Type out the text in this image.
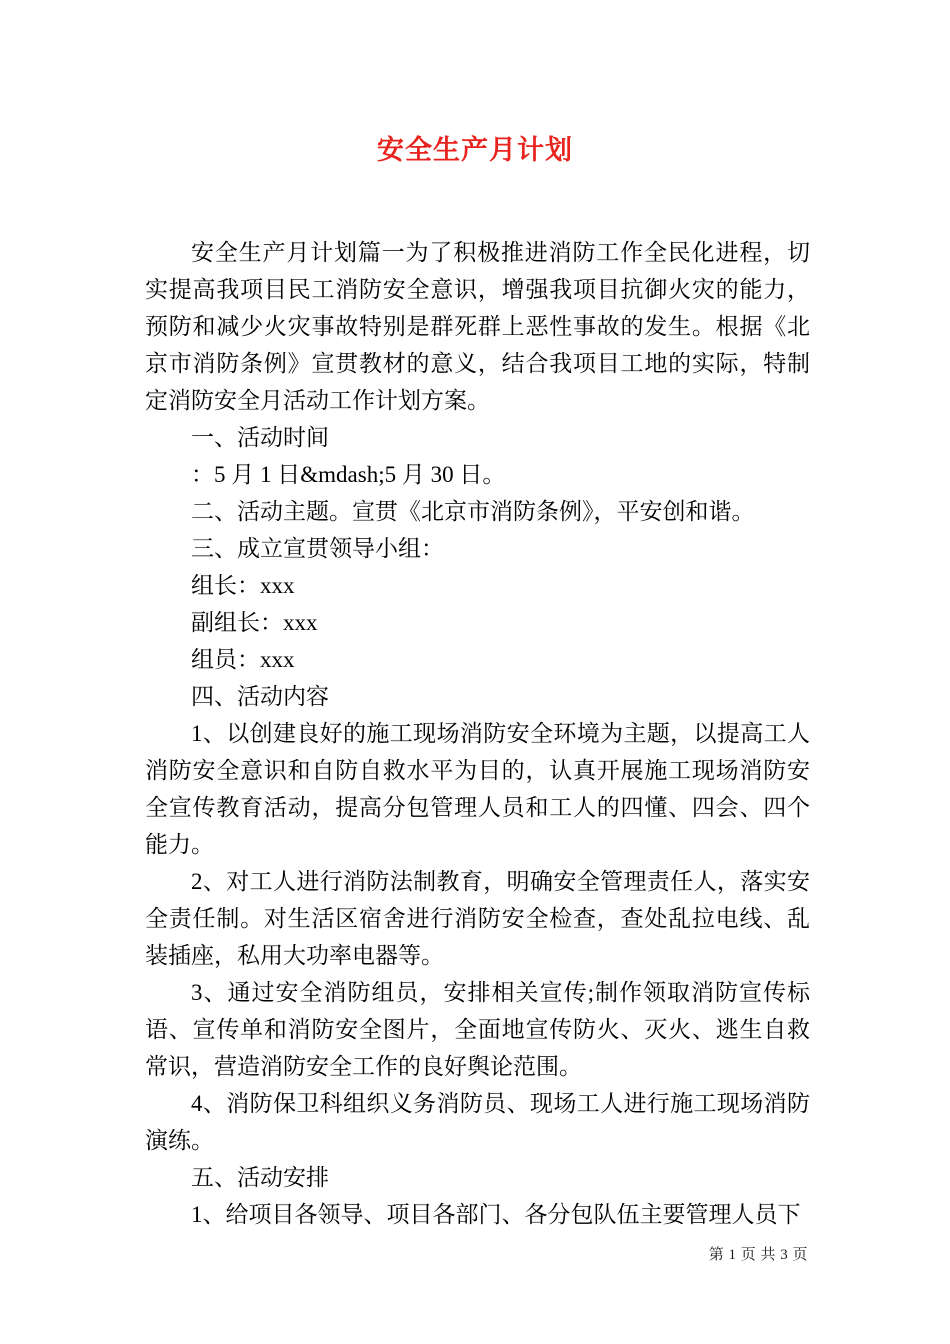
安全生产月计划

安全生产月计划篇一为了积极推进消防工作全民化进程，切实提高我项目民工消防安全意识，增强我项目抗御火灾的能力，预防和减少火灾事故特别是群死群上恶性事故的发生。根据《北京市消防条例》宣贯教材的意义，结合我项目工地的实际，特制定消防安全月活动工作计划方案。

一、活动时间

：5 月 1 日&mdash;5 月 30 日。

二、活动主题。宣贯《北京市消防条例》，平安创和谐。

三、成立宣贯领导小组：

组长：xxx

副组长：xxx

组员：xxx

四、活动内容

1、以创建良好的施工现场消防安全环境为主题，以提高工人消防安全意识和自防自救水平为目的，认真开展施工现场消防安全宣传教育活动，提高分包管理人员和工人的四懂、四会、四个能力。

2、对工人进行消防法制教育，明确安全管理责任人，落实安全责任制。对生活区宿舍进行消防安全检查，查处乱拉电线、乱装插座，私用大功率电器等。

3、通过安全消防组员，安排相关宣传;制作领取消防宣传标语、宣传单和消防安全图片，全面地宣传防火、灭火、逃生自救常识，营造消防安全工作的良好舆论范围。

4、消防保卫科组织义务消防员、现场工人进行施工现场消防演练。

五、活动安排

1、给项目各领导、项目各部门、各分包队伍主要管理人员下

第 1 页 共 3 页
